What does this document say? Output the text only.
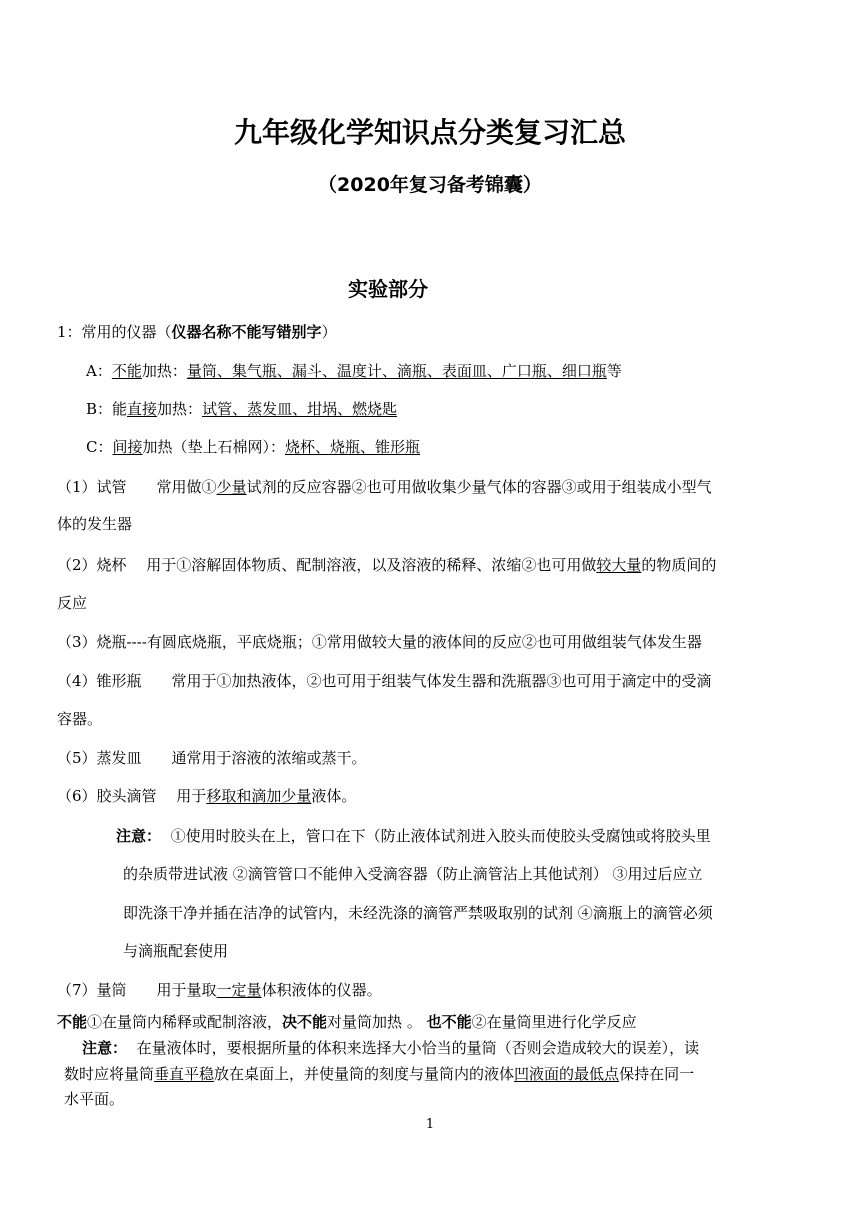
九年级化学知识点分类复习汇总
（2020年复习备考锦囊）
实验部分
1：常用的仪器（仪器名称不能写错别字）
A：不能加热：量筒、集气瓶、漏斗、温度计、滴瓶、表面皿、广口瓶、细口瓶等
B：能直接加热：试管、蒸发皿、坩埚、燃烧匙
C：间接加热（垫上石棉网）：烧杯、烧瓶、锥形瓶
（1）试管　　常用做①少量试剂的反应容器②也可用做收集少量气体的容器③或用于组装成小型气
体的发生器
（2）烧杯　 用于①溶解固体物质、配制溶液，以及溶液的稀释、浓缩②也可用做较大量的物质间的
反应
（3）烧瓶----有圆底烧瓶，平底烧瓶；①常用做较大量的液体间的反应②也可用做组装气体发生器
（4）锥形瓶　　常用于①加热液体，②也可用于组装气体发生器和洗瓶器③也可用于滴定中的受滴
容器。
（5）蒸发皿　　通常用于溶液的浓缩或蒸干。
（6）胶头滴管　 用于移取和滴加少量液体。
注意： ①使用时胶头在上，管口在下（防止液体试剂进入胶头而使胶头受腐蚀或将胶头里
的杂质带进试液 ②滴管管口不能伸入受滴容器（防止滴管沾上其他试剂） ③用过后应立
即洗涤干净并插在洁净的试管内，未经洗涤的滴管严禁吸取别的试剂 ④滴瓶上的滴管必须
与滴瓶配套使用
（7）量筒　　用于量取一定量体积液体的仪器。
不能①在量筒内稀释或配制溶液，决不能对量筒加热 。 也不能②在量筒里进行化学反应
注意： 在量液体时，要根据所量的体积来选择大小恰当的量筒（否则会造成较大的误差），读
数时应将量筒垂直平稳放在桌面上，并使量筒的刻度与量筒内的液体凹液面的最低点保持在同一
水平面。
1
